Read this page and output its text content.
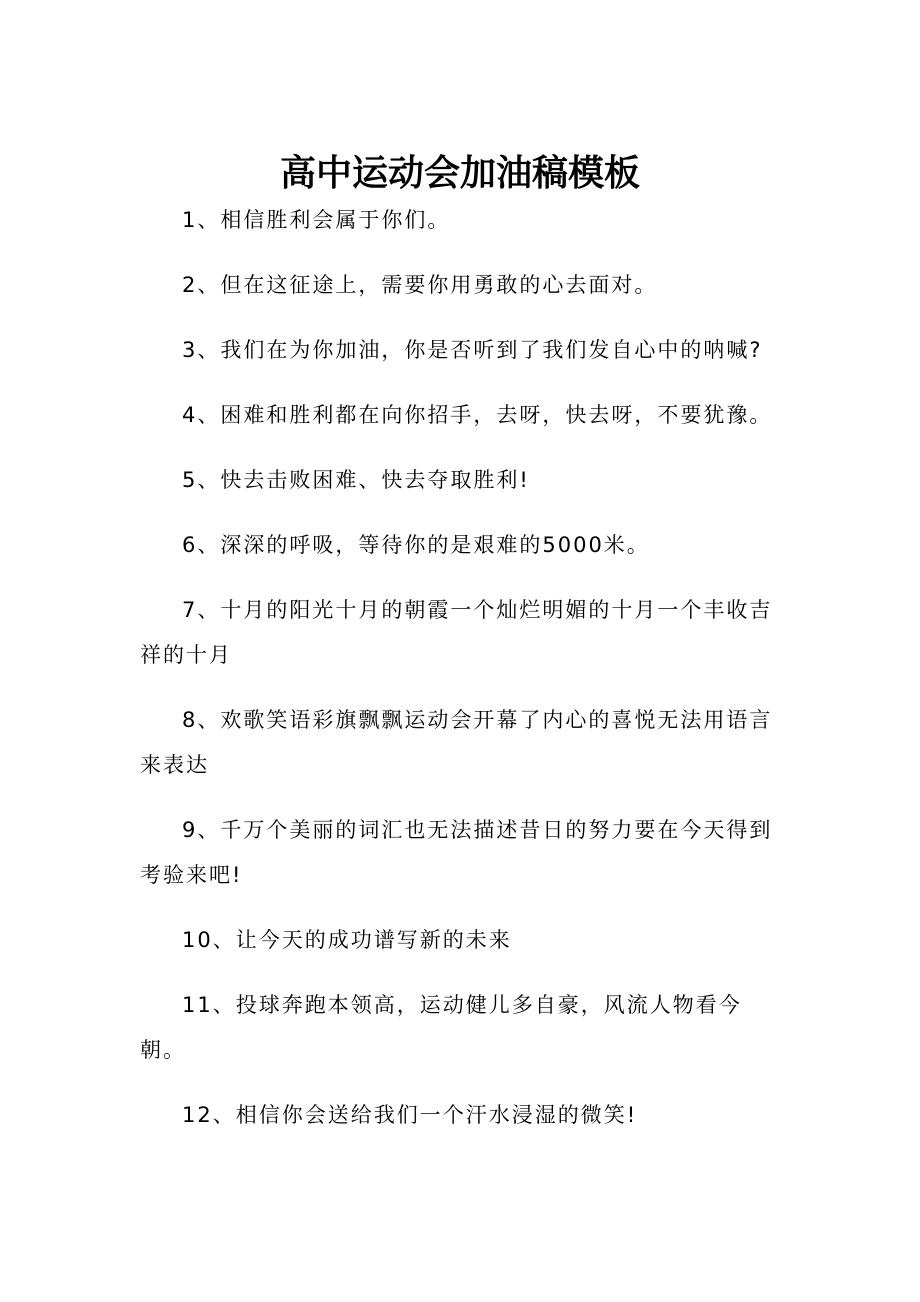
高中运动会加油稿模板
1、相信胜利会属于你们。
2、但在这征途上，需要你用勇敢的心去面对。
3、我们在为你加油，你是否听到了我们发自心中的呐喊?
4、困难和胜利都在向你招手，去呀，快去呀，不要犹豫。
5、快去击败困难、快去夺取胜利!
6、深深的呼吸，等待你的是艰难的5000米。
7、十月的阳光十月的朝霞一个灿烂明媚的十月一个丰收吉祥的十月
8、欢歌笑语彩旗飘飘运动会开幕了内心的喜悦无法用语言来表达
9、千万个美丽的词汇也无法描述昔日的努力要在今天得到考验来吧!
10、让今天的成功谱写新的未来
11、投球奔跑本领高，运动健儿多自豪，风流人物看今朝。
12、相信你会送给我们一个汗水浸湿的微笑!
